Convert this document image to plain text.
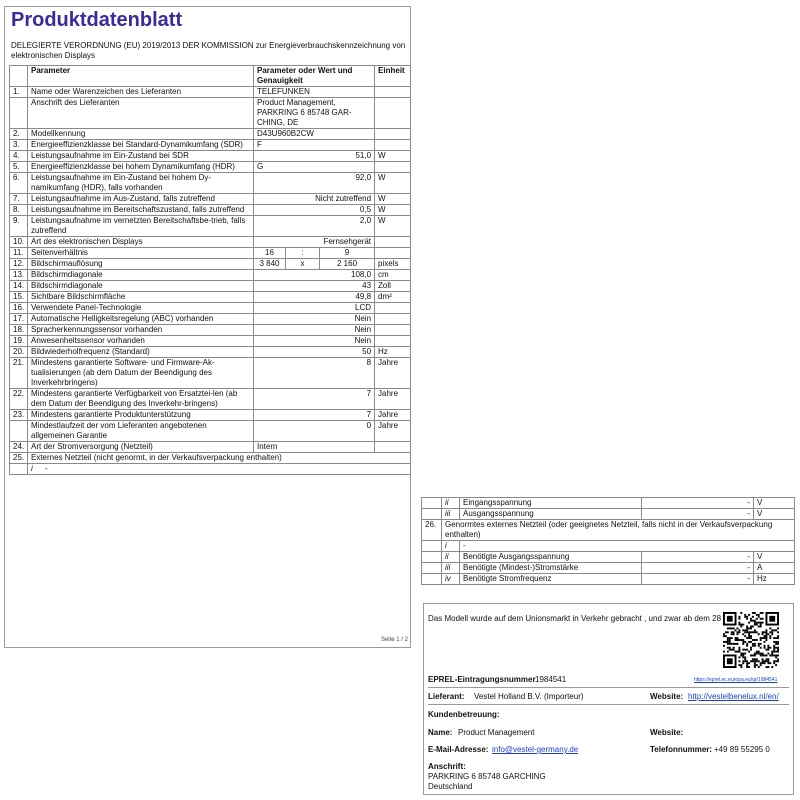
Produktdatenblatt
DELEGIERTE VERORDNUNG (EU) 2019/2013 DER KOMMISSION zur Energieverbrauchskennzeichnung von elektronischen Displays
	Parameter	Parameter oder Wert und Genauigkeit			Einheit
1.	Name oder Warenzeichen des Lieferanten	TELEFUNKEN			
	Anschrift des Lieferanten	Product Management, PARKRING 6 85748 GAR-CHING, DE			
2.	Modellkennung	D43U960B2CW			
3.	Energieeffizienzklasse bei Standard-Dynamikumfang (SDR)	F			
4.	Leistungsaufnahme im Ein-Zustand bei SDR	51,0			W
5.	Energieeffizienzklasse bei hohem Dynamikumfang (HDR)	G			
6.	Leistungsaufnahme im Ein-Zustand bei hohem Dy-namikumfang (HDR), falls vorhanden	92,0			W
7.	Leistungsaufnahme im Aus-Zustand, falls zutreffend	Nicht zutreffend			W
8.	Leistungsaufnahme im Bereitschaftszustand, falls zutreffend	0,5			W
9.	Leistungsaufnahme im vernetzten Bereitschaftsbe-trieb, falls zutreffend	2,0			W
10.	Art des elektronischen Displays	Fernsehgerät			
11.	Seitenverhältnis	16	:	9	
12.	Bildschirmauflösung	3 840	x	2 160	pixels
13.	Bildschirmdiagonale	108,0			cm
14.	Bildschirmdiagonale	43			Zoll
15.	Sichtbare Bildschirmfläche	49,8			dm²
16.	Verwendete Panel-Technologie	LCD			
17.	Automatische Helligkeitsregelung (ABC) vorhanden	Nein			
18.	Spracherkennungssensor vorhanden	Nein			
19.	Anwesenheitssensor vorhanden	Nein			
20.	Bildwiederholfrequenz (Standard)	50			Hz
21.	Mindestens garantierte Software- und Firmware-Ak-tualisierungen (ab dem Datum der Beendigung des Inverkehrbringens)	8			Jahre
22.	Mindestens garantierte Verfügbarkeit von Ersatztei-len (ab dem Datum der Beendigung des Inverkehr-bringens)	7			Jahre
23.	Mindestens garantierte Produktunterstützung	7			Jahre
	Mindestlaufzeit der vom Lieferanten angebotenen allgemeinen Garantie	0			Jahre
24.	Art der Stromversorgung (Netzteil)	Intern			
25.	Externes Netzteil (nicht genormt, in der Verkaufsverpackung enthalten)				
	i -				
Seite 1 / 2
	ii	Eingangsspannung	-	V
	iii	Ausgangsspannung	-	V
26.	Genormtes externes Netzteil (oder geeignetes Netzteil, falls nicht in der Verkaufsverpackung enthalten)			
	i	-		
	ii	Benötigte Ausgangsspannung	-	V
	iii	Benötigte (Mindest-)Stromstärke	-	A
	iv	Benötigte Stromfrequenz	-	Hz
Das Modell wurde auf dem Unionsmarkt in Verkehr gebracht , und zwar ab dem 28
EPREL-Eintragungsnummer 1984541	https://eprel.ec.europa.eu/qr/1984541
Lieferant: Vestel Holland B.V. (Importeur)	Website: http://vestelbenelux.nl/en/
Kundenbetreuung:
Name: Product Management	Website:
E-Mail-Adresse: info@vestel-germany.de	Telefonnummer: +49 89 55295 0
Anschrift:
PARKRING 6 85748 GARCHING
Deutschland
